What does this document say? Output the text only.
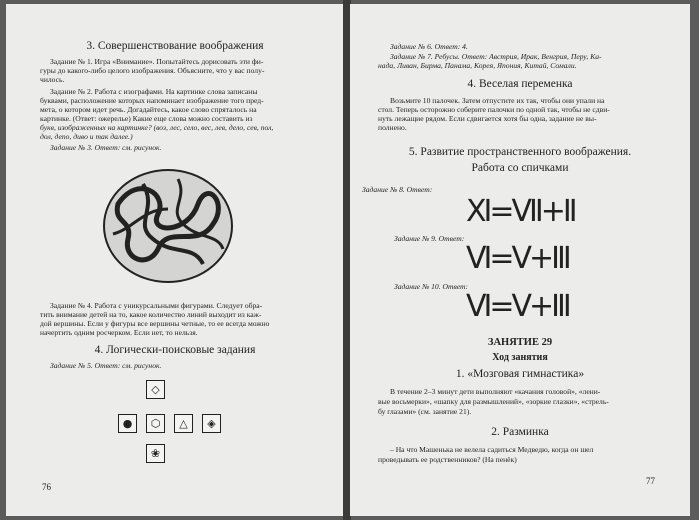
3. Совершенствование воображения
Задание № 1. Игра «Внимание». Попытайтесь дорисовать эти фи-
гуры до какого-либо целого изображения. Объясните, что у вас полу-
чилось.
Задание № 2. Работа с изографами. На картинке слова записаны
буквами, расположение которых напоминает изображение того пред-
мета, о котором идет речь. Догадайтесь, какое слово спряталось на
картинке. (Ответ: ожерелье) Какие еще слова можно составить из
букв, изображенных на картинке? (воз, лес, село, вес, лев, дело, сев, пол,
дол, депо, диво и так далее.)
Задание № 3. Ответ: см. рисунок.
Задание № 4. Работа с уникурсальными фигурами. Следует обра-
тить внимание детей на то, какое количество линий выходит из каж-
дой вершины. Если у фигуры все вершины четные, то ее всегда можно
начертить одним росчерком. Если нет, то нельзя.
4. Логически-поисковые задания
Задание № 5. Ответ: см. рисунок.
◇
●	⬡	△	◈
❀
76
Задание № 6. Ответ: 4.
Задание № 7. Ребусы. Ответ: Австрия, Ирак, Венгрия, Перу, Ка-
нада, Ливан, Бирма, Панама, Корея, Япония, Китай, Сомали.
4. Веселая переменка
Возьмите 10 палочек. Затем отпустите их так, чтобы они упали на
стол. Теперь осторожно соберите палочки по одной так, чтобы не сдви-
нуть лежащие рядом. Если сдвигается хотя бы одна, задание не вы-
полнено.
5. Развитие пространственного воображения.
Работа со спичками
Задание № 8. Ответ:
XI=VII+II
Задание № 9. Ответ:
VI=V+III
Задание № 10. Ответ:
VI=V+III
ЗАНЯТИЕ 29
Ход занятия
1. «Мозговая гимнастика»
В течение 2–3 минут дети выполняют «качания головой», «лени-
вые восьмерки», «шапку для размышлений», «зоркие глазки», «стрель-
бу глазами» (см. занятие 21).
2. Разминка
– На что Машенька не велела садиться Медведю, когда он шел
проведывать ее родственников? (На пенёк)
77
